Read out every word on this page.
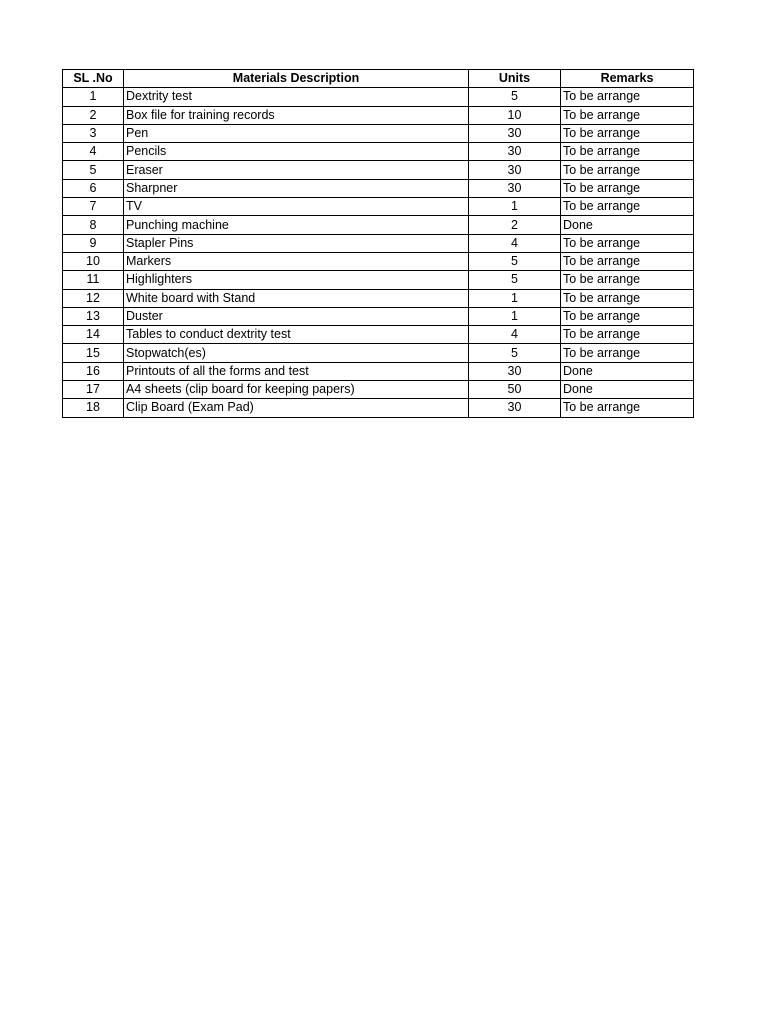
SL .No	Materials Description	Units	Remarks
1	Dextrity test	5	To be arrange
2	Box file for training records	10	To be arrange
3	Pen	30	To be arrange
4	Pencils	30	To be arrange
5	Eraser	30	To be arrange
6	Sharpner	30	To be arrange
7	TV	1	To be arrange
8	Punching machine	2	Done
9	Stapler Pins	4	To be arrange
10	Markers	5	To be arrange
11	Highlighters	5	To be arrange
12	White board with Stand	1	To be arrange
13	Duster	1	To be arrange
14	Tables to conduct dextrity test	4	To be arrange
15	Stopwatch(es)	5	To be arrange
16	Printouts of all the forms and test	30	Done
17	A4 sheets (clip board for keeping papers)	50	Done
18	Clip Board (Exam Pad)	30	To be arrange
